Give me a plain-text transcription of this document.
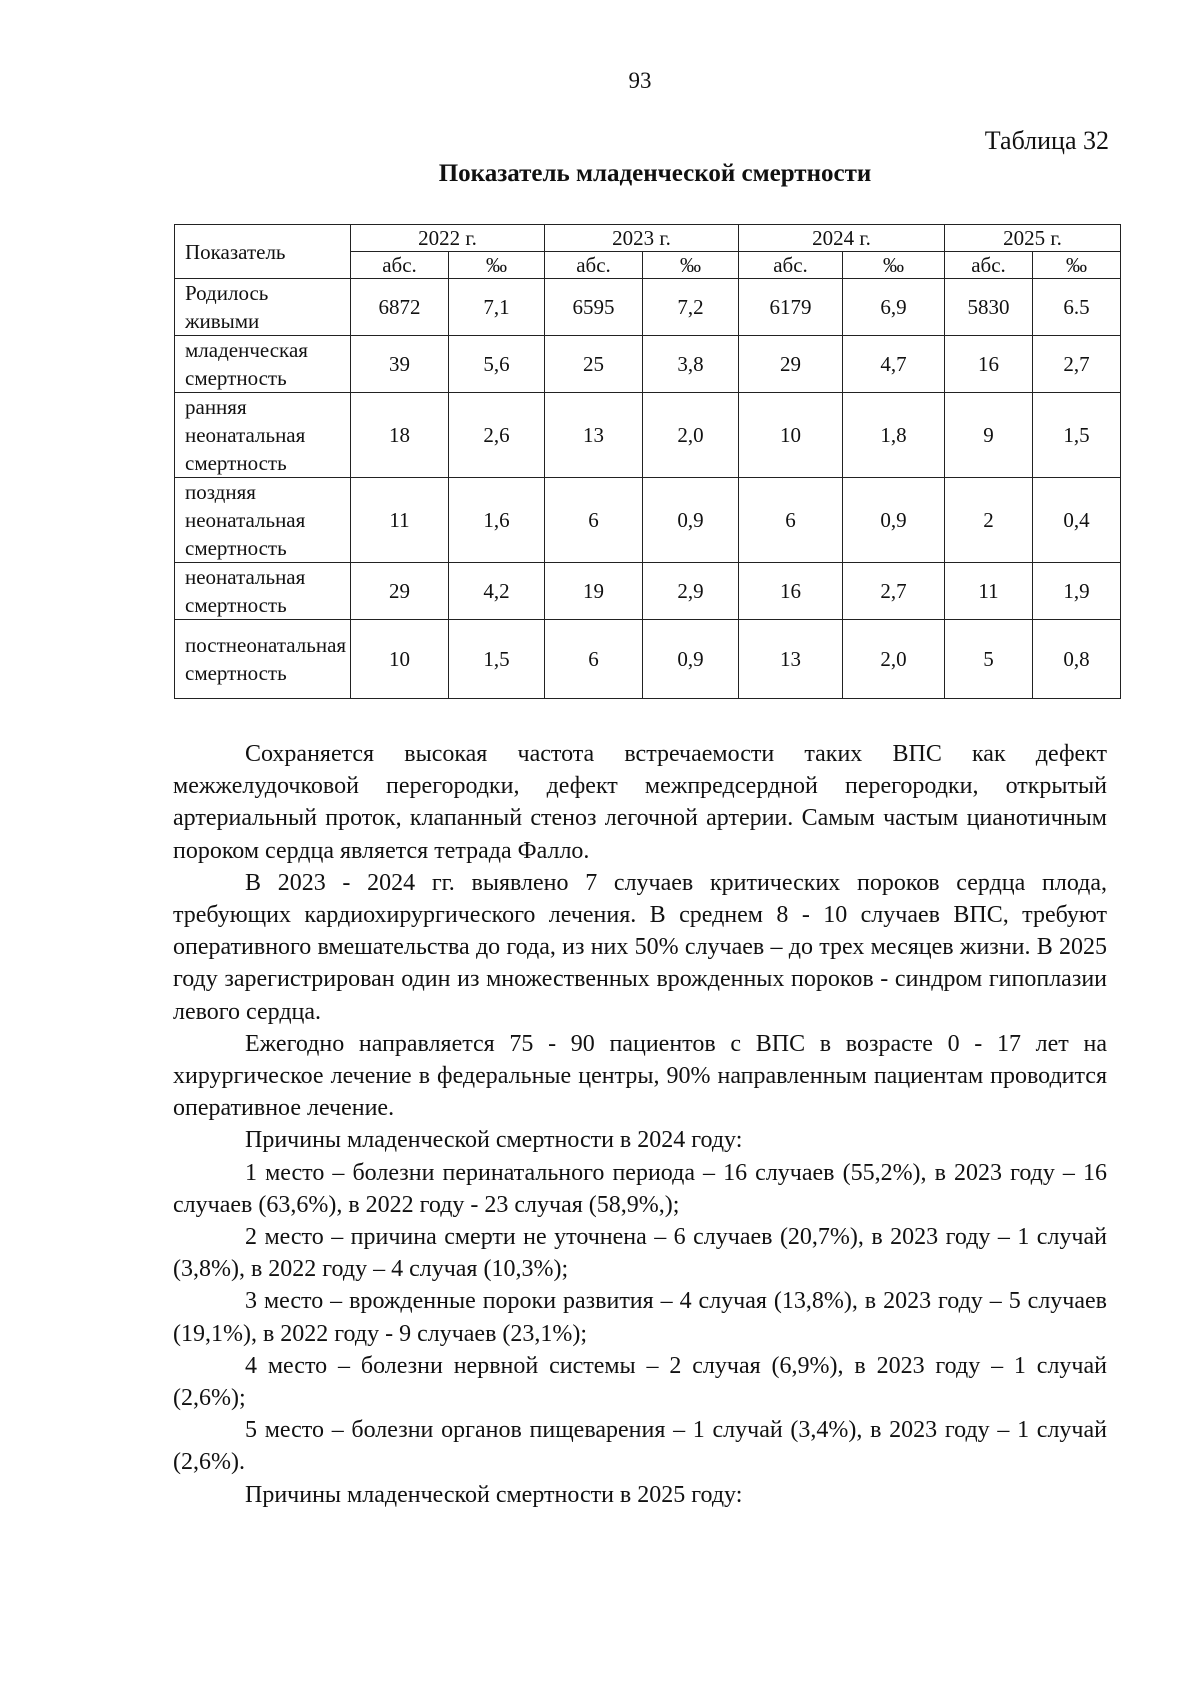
93
Таблица 32
Показатель младенческой смертности
Показатель	2022 г.		2023 г.		2024 г.		2025 г.	
	абс.	‰	абс.	‰	абс.	‰	абс.	‰
Родилось живыми	6872	7,1	6595	7,2	6179	6,9	5830	6.5
младенческая смертность	39	5,6	25	3,8	29	4,7	16	2,7
ранняя неонатальная смертность	18	2,6	13	2,0	10	1,8	9	1,5
поздняя неонатальная смертность	11	1,6	6	0,9	6	0,9	2	0,4
неонатальная смертность	29	4,2	19	2,9	16	2,7	11	1,9
постнеонатальная смертность	10	1,5	6	0,9	13	2,0	5	0,8

Сохраняется высокая частота встречаемости таких ВПС как дефект межжелудочковой перегородки, дефект межпредсердной перегородки, открытый артериальный проток, клапанный стеноз легочной артерии. Самым частым цианотичным пороком сердца является тетрада Фалло.

В 2023 - 2024 гг. выявлено 7 случаев критических пороков сердца плода, требующих кардиохирургического лечения. В среднем 8 - 10 случаев ВПС, требуют оперативного вмешательства до года, из них 50% случаев – до трех месяцев жизни. В 2025 году зарегистрирован один из множественных врожденных пороков - синдром гипоплазии левого сердца.

Ежегодно направляется 75 - 90 пациентов с ВПС в возрасте 0 - 17 лет на хирургическое лечение в федеральные центры, 90% направленным пациентам проводится оперативное лечение.

Причины младенческой смертности в 2024 году:

1 место – болезни перинатального периода – 16 случаев (55,2%), в 2023 году – 16 случаев (63,6%), в 2022 году - 23 случая (58,9%,);

2 место – причина смерти не уточнена – 6 случаев (20,7%), в 2023 году – 1 случай (3,8%), в 2022 году – 4 случая (10,3%);

3 место – врожденные пороки развития – 4 случая (13,8%), в 2023 году – 5 случаев (19,1%), в 2022 году - 9 случаев (23,1%);

4 место – болезни нервной системы – 2 случая (6,9%), в 2023 году – 1 случай (2,6%);

5 место – болезни органов пищеварения – 1 случай (3,4%), в 2023 году – 1 случай (2,6%).

Причины младенческой смертности в 2025 году:
